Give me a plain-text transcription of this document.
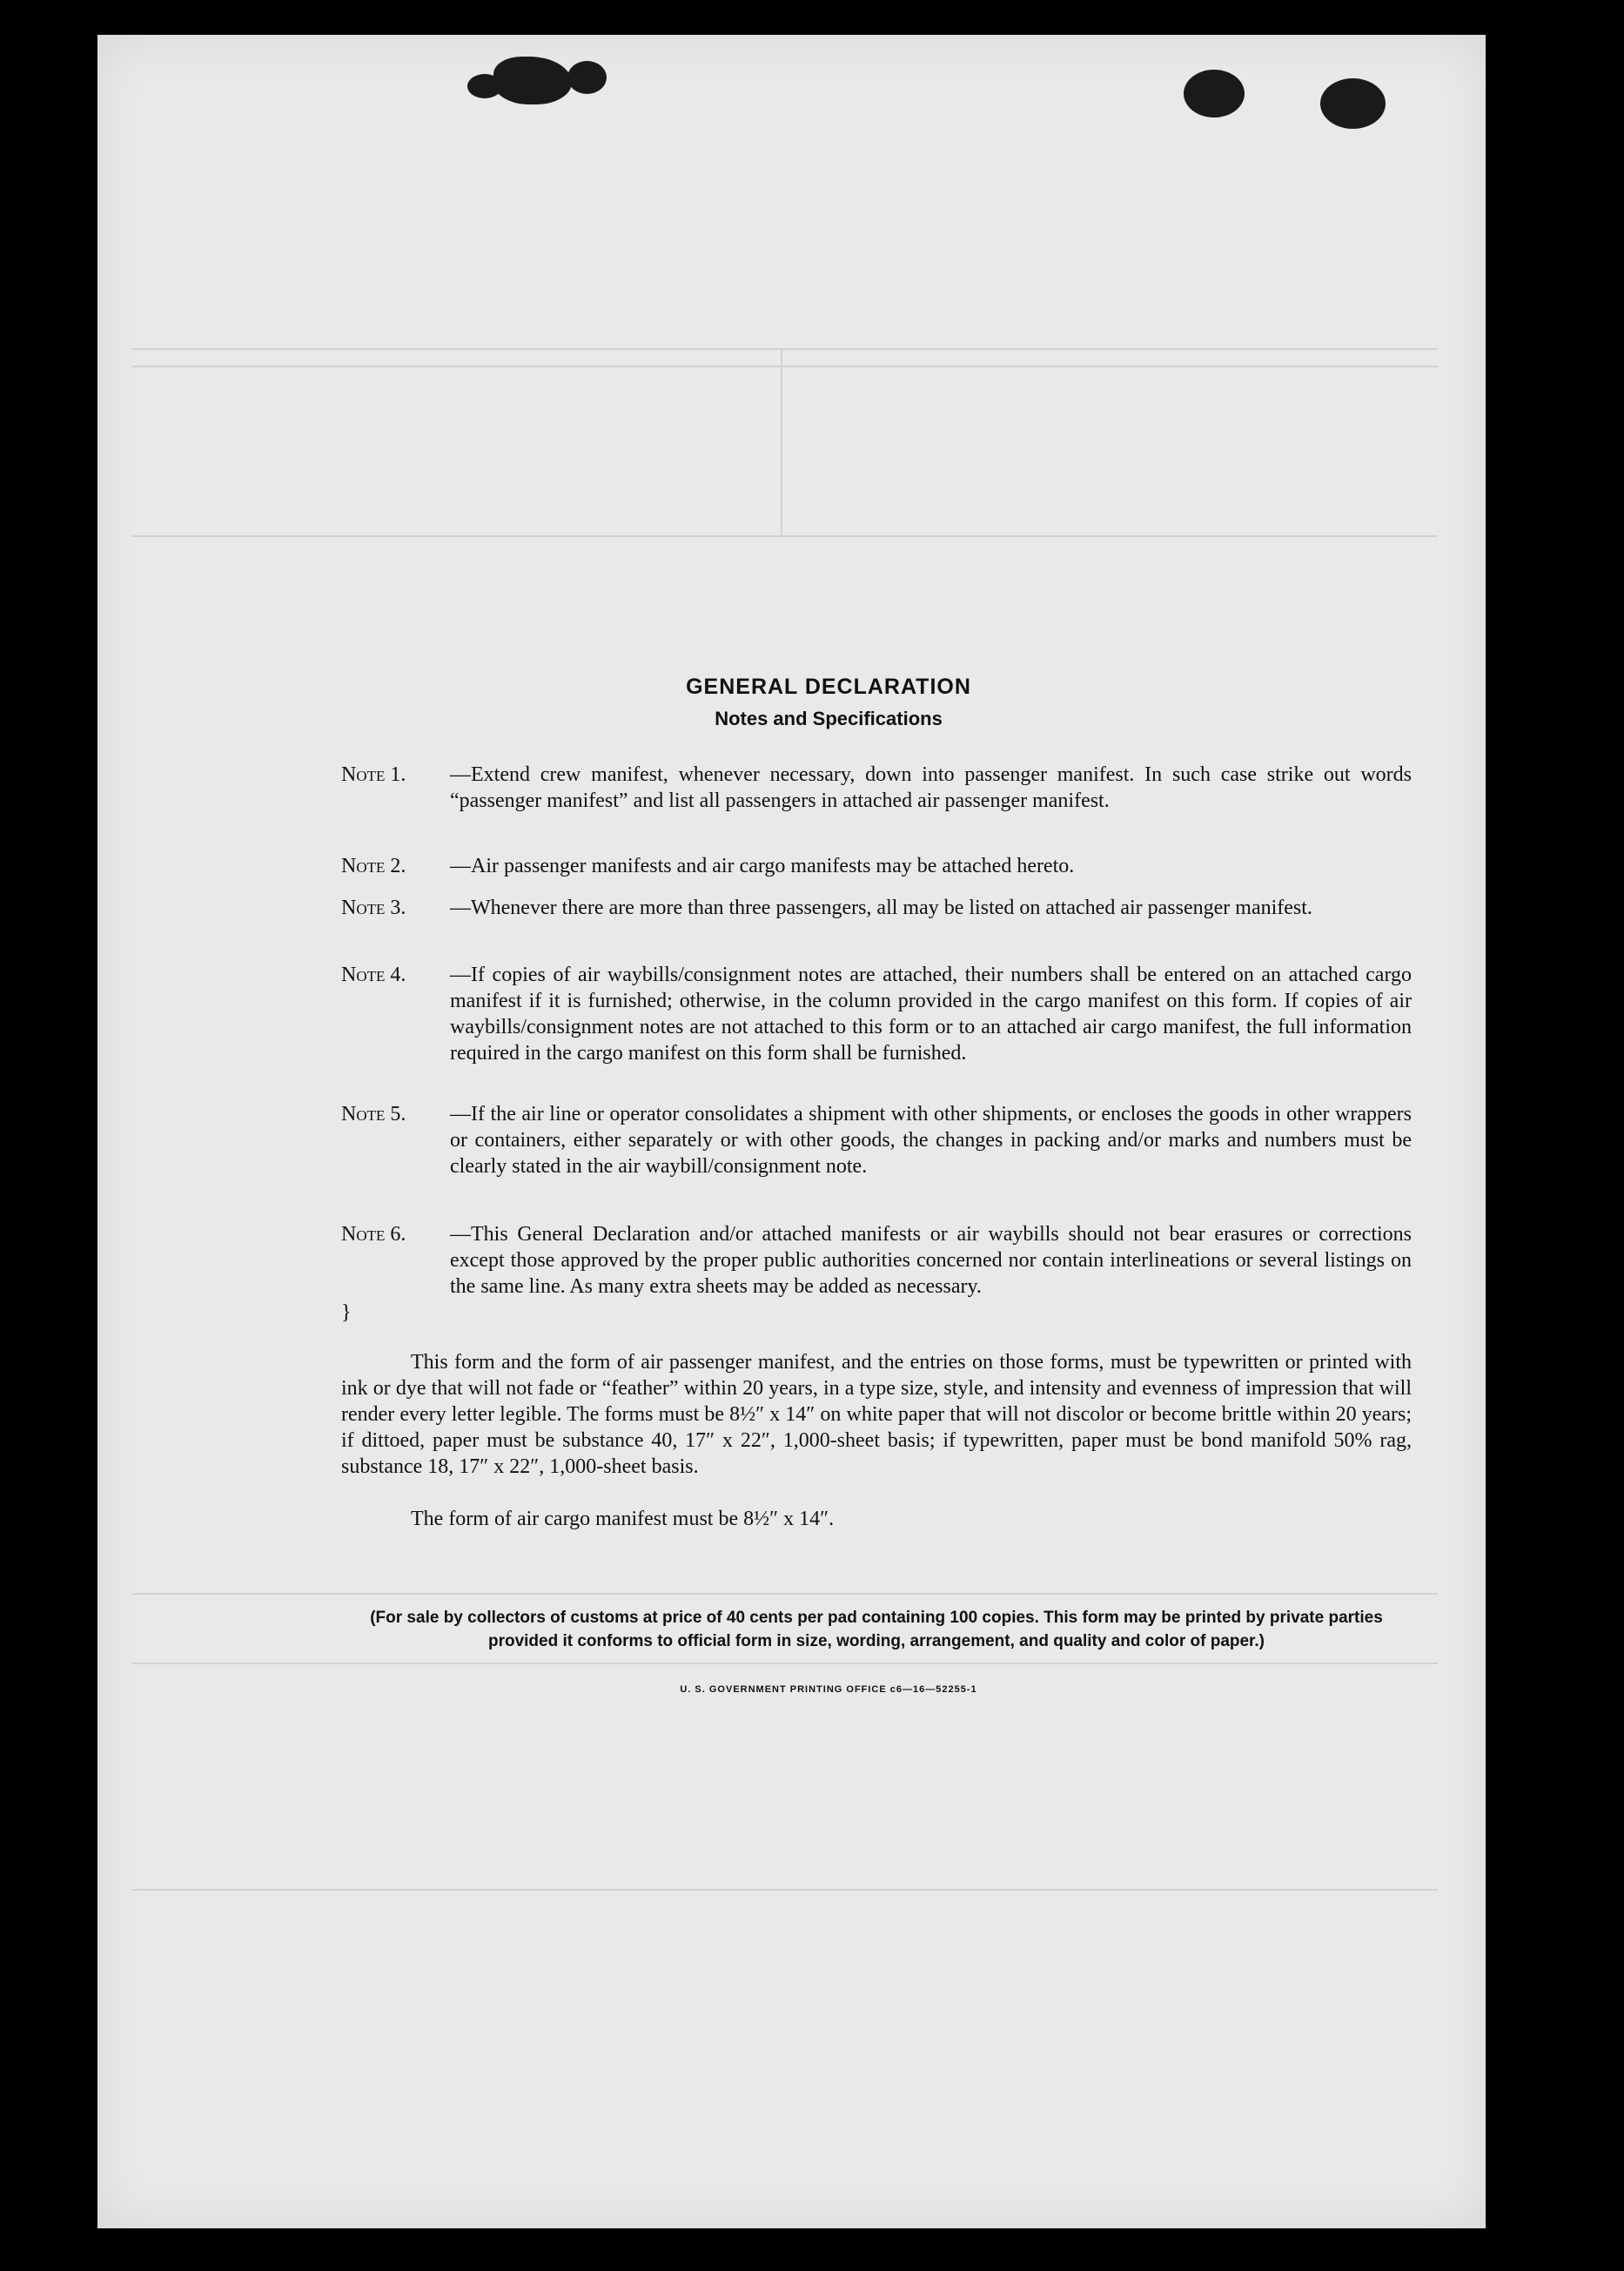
GENERAL DECLARATION
Notes and Specifications
Note 1. —Extend crew manifest, whenever necessary, down into passenger manifest. In such case strike out words “passenger manifest” and list all passengers in attached air passenger manifest.
Note 2. —Air passenger manifests and air cargo manifests may be attached hereto.
Note 3. —Whenever there are more than three passengers, all may be listed on attached air passenger manifest.
Note 4. —If copies of air waybills/consignment notes are attached, their numbers shall be entered on an attached cargo manifest if it is furnished; otherwise, in the column provided in the cargo manifest on this form. If copies of air waybills/consignment notes are not attached to this form or to an attached air cargo manifest, the full information required in the cargo manifest on this form shall be furnished.
Note 5. —If the air line or operator consolidates a shipment with other shipments, or encloses the goods in other wrappers or containers, either separately or with other goods, the changes in packing and/or marks and numbers must be clearly stated in the air waybill/consignment note.
Note 6. —This General Declaration and/or attached manifests or air waybills should not bear erasures or corrections except those approved by the proper public authorities concerned nor contain interlineations or several listings on the same line. As many extra sheets may be added as necessary.
}
This form and the form of air passenger manifest, and the entries on those forms, must be typewritten or printed with ink or dye that will not fade or “feather” within 20 years, in a type size, style, and intensity and evenness of impression that will render every letter legible. The forms must be 8½″ x 14″ on white paper that will not discolor or become brittle within 20 years; if dittoed, paper must be substance 40, 17″ x 22″, 1,000-sheet basis; if typewritten, paper must be bond manifold 50% rag, substance 18, 17″ x 22″, 1,000-sheet basis.
The form of air cargo manifest must be 8½″ x 14″.
(For sale by collectors of customs at price of 40 cents per pad containing 100 copies. This form may be printed by private parties provided it conforms to official form in size, wording, arrangement, and quality and color of paper.)
U. S. GOVERNMENT PRINTING OFFICE c6—16—52255-1
